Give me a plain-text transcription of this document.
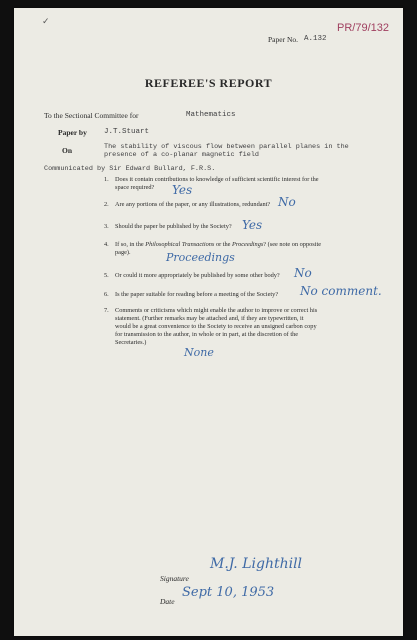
PR/79/132
✓
Paper No. A.132
REFEREE'S REPORT
To the Sectional Committee for	Mathematics
Paper by J.T.Stuart
On	The stability of viscous flow between parallel planes in the
presence of a co-planar magnetic field
Communicated by Sir Edward Bullard, F.R.S.
1. Does it contain contributions to knowledge of sufficient scientific interest for the
space required? Yes
2. Are any portions of the paper, or any illustrations, redundant? No
3. Should the paper be published by the Society? Yes
4. If so, in the Philosophical Transactions or the Proceedings? (see note on opposite
page).	Proceedings
5. Or could it more appropriately be published by some other body? No
6. Is the paper suitable for reading before a meeting of the Society? No comment.
7. Comments or criticisms which might enable the author to improve or correct his
statement. (Further remarks may be attached and, if they are typewritten, it
would be a great convenience to the Society to receive an unsigned carbon copy
for transmission to the author, in whole or in part, at the discretion of the
Secretaries.)
None
Signature
M.J. Lighthill
Date
Sept 10, 1953
